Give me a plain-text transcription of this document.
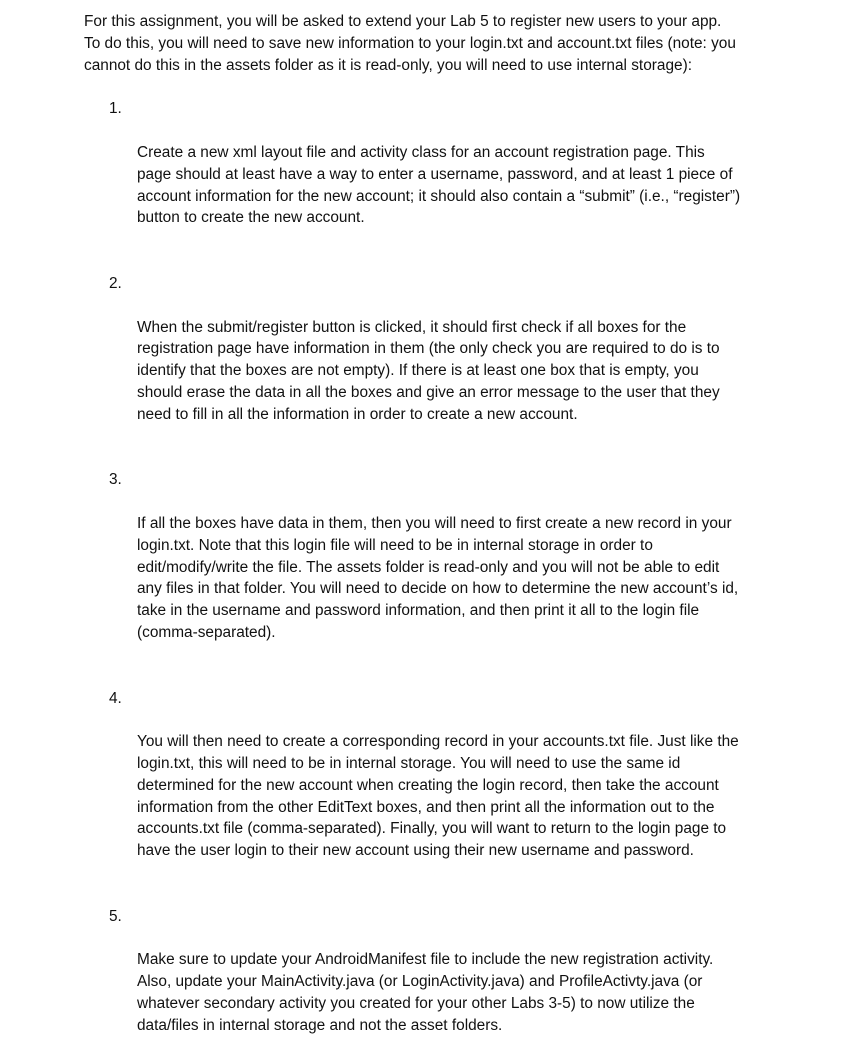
For this assignment, you will be asked to extend your Lab 5 to register new users to your app.
To do this, you will need to save new information to your login.txt and account.txt files (note: you
cannot do this in the assets folder as it is read-only, you will need to use internal storage):

1.

Create a new xml layout file and activity class for an account registration page. This
page should at least have a way to enter a username, password, and at least 1 piece of
account information for the new account; it should also contain a “submit” (i.e., “register”)
button to create the new account.

2.

When the submit/register button is clicked, it should first check if all boxes for the
registration page have information in them (the only check you are required to do is to
identify that the boxes are not empty). If there is at least one box that is empty, you
should erase the data in all the boxes and give an error message to the user that they
need to fill in all the information in order to create a new account.

3.

If all the boxes have data in them, then you will need to first create a new record in your
login.txt. Note that this login file will need to be in internal storage in order to
edit/modify/write the file. The assets folder is read-only and you will not be able to edit
any files in that folder. You will need to decide on how to determine the new account’s id,
take in the username and password information, and then print it all to the login file
(comma-separated).

4.

You will then need to create a corresponding record in your accounts.txt file. Just like the
login.txt, this will need to be in internal storage. You will need to use the same id
determined for the new account when creating the login record, then take the account
information from the other EditText boxes, and then print all the information out to the
accounts.txt file (comma-separated). Finally, you will want to return to the login page to
have the user login to their new account using their new username and password.

5.

Make sure to update your AndroidManifest file to include the new registration activity.
Also, update your MainActivity.java (or LoginActivity.java) and ProfileActivty.java (or
whatever secondary activity you created for your other Labs 3-5) to now utilize the
data/files in internal storage and not the asset folders.
